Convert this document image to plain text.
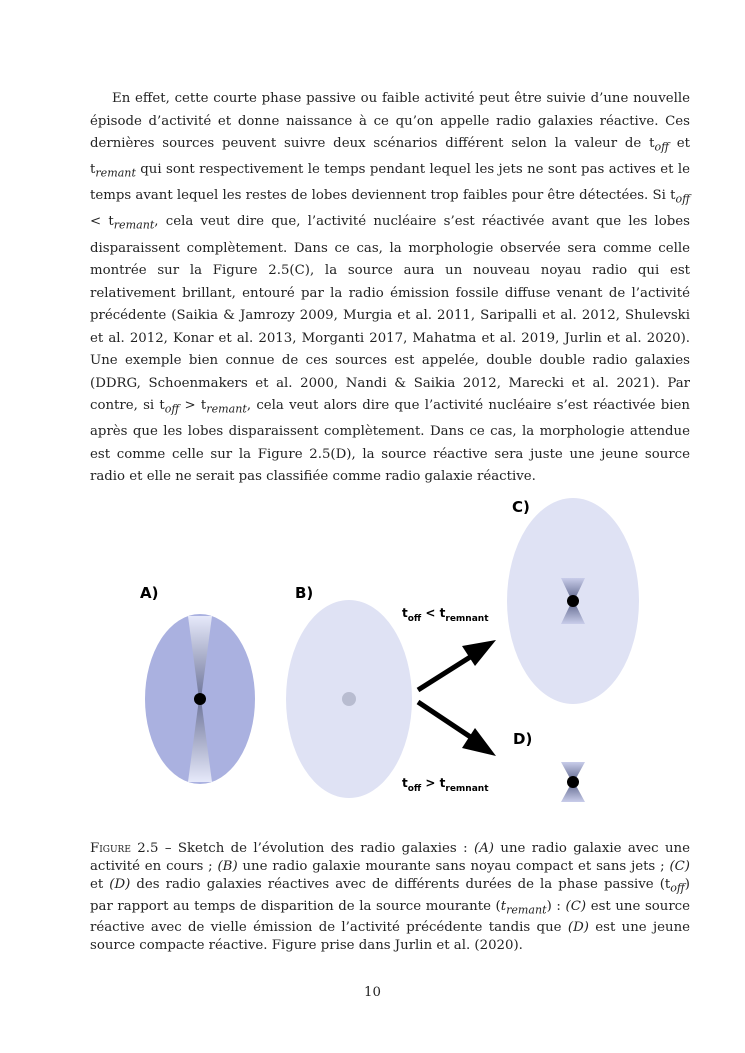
En effet, cette courte phase passive ou faible activité peut être suivie d’une nouvelle épisode d’activité et donne naissance à ce qu’on appelle radio galaxies réactive. Ces dernières sources peuvent suivre deux scénarios différent selon la valeur de $t_{off}$ et $t_{remant}$ qui sont respectivement le temps pendant lequel les jets ne sont pas actives et le temps avant lequel les restes de lobes deviennent trop faibles pour être détectées. Si $t_{off} < t_{remant}$, cela veut dire que, l’activité nucléaire s’est réactivée avant que les lobes disparaissent complètement. Dans ce cas, la morphologie observée sera comme celle montrée sur la Figure 2.5(C), la source aura un nouveau noyau radio qui est relativement brillant, entouré par la radio émission fossile diffuse venant de l’activité précédente (Saikia & Jamrozy 2009, Murgia et al. 2011, Saripalli et al. 2012, Shulevski et al. 2012, Konar et al. 2013, Morganti 2017, Mahatma et al. 2019, Jurlin et al. 2020). Une exemple bien connue de ces sources est appelée, double double radio galaxies (DDRG, Schoenmakers et al. 2000, Nandi & Saikia 2012, Marecki et al. 2021). Par contre, si $t_{off} > t_{remant}$, cela veut alors dire que l’activité nucléaire s’est réactivée bien après que les lobes disparaissent complètement. Dans ce cas, la morphologie attendue est comme celle sur la Figure 2.5(D), la source réactive sera juste une jeune source radio et elle ne serait pas classifiée comme radio galaxie réactive.

A)	B)
$t_{off} < t_{remnant}$
$t_{off} > t_{remnant}$
C)
D)
Figure 2.5 – Sketch de l’évolution des radio galaxies : (A) une radio galaxie avec une activité en cours ; (B) une radio galaxie mourante sans noyau compact et sans jets ; (C) et (D) des radio galaxies réactives avec de différents durées de la phase passive $(t_{off})$ par rapport au temps de disparition de la source mourante $(t_{remant})$ : (C) est une source réactive avec de vielle émission de l’activité précédente tandis que (D) est une jeune source compacte réactive. Figure prise dans Jurlin et al. (2020).
10
